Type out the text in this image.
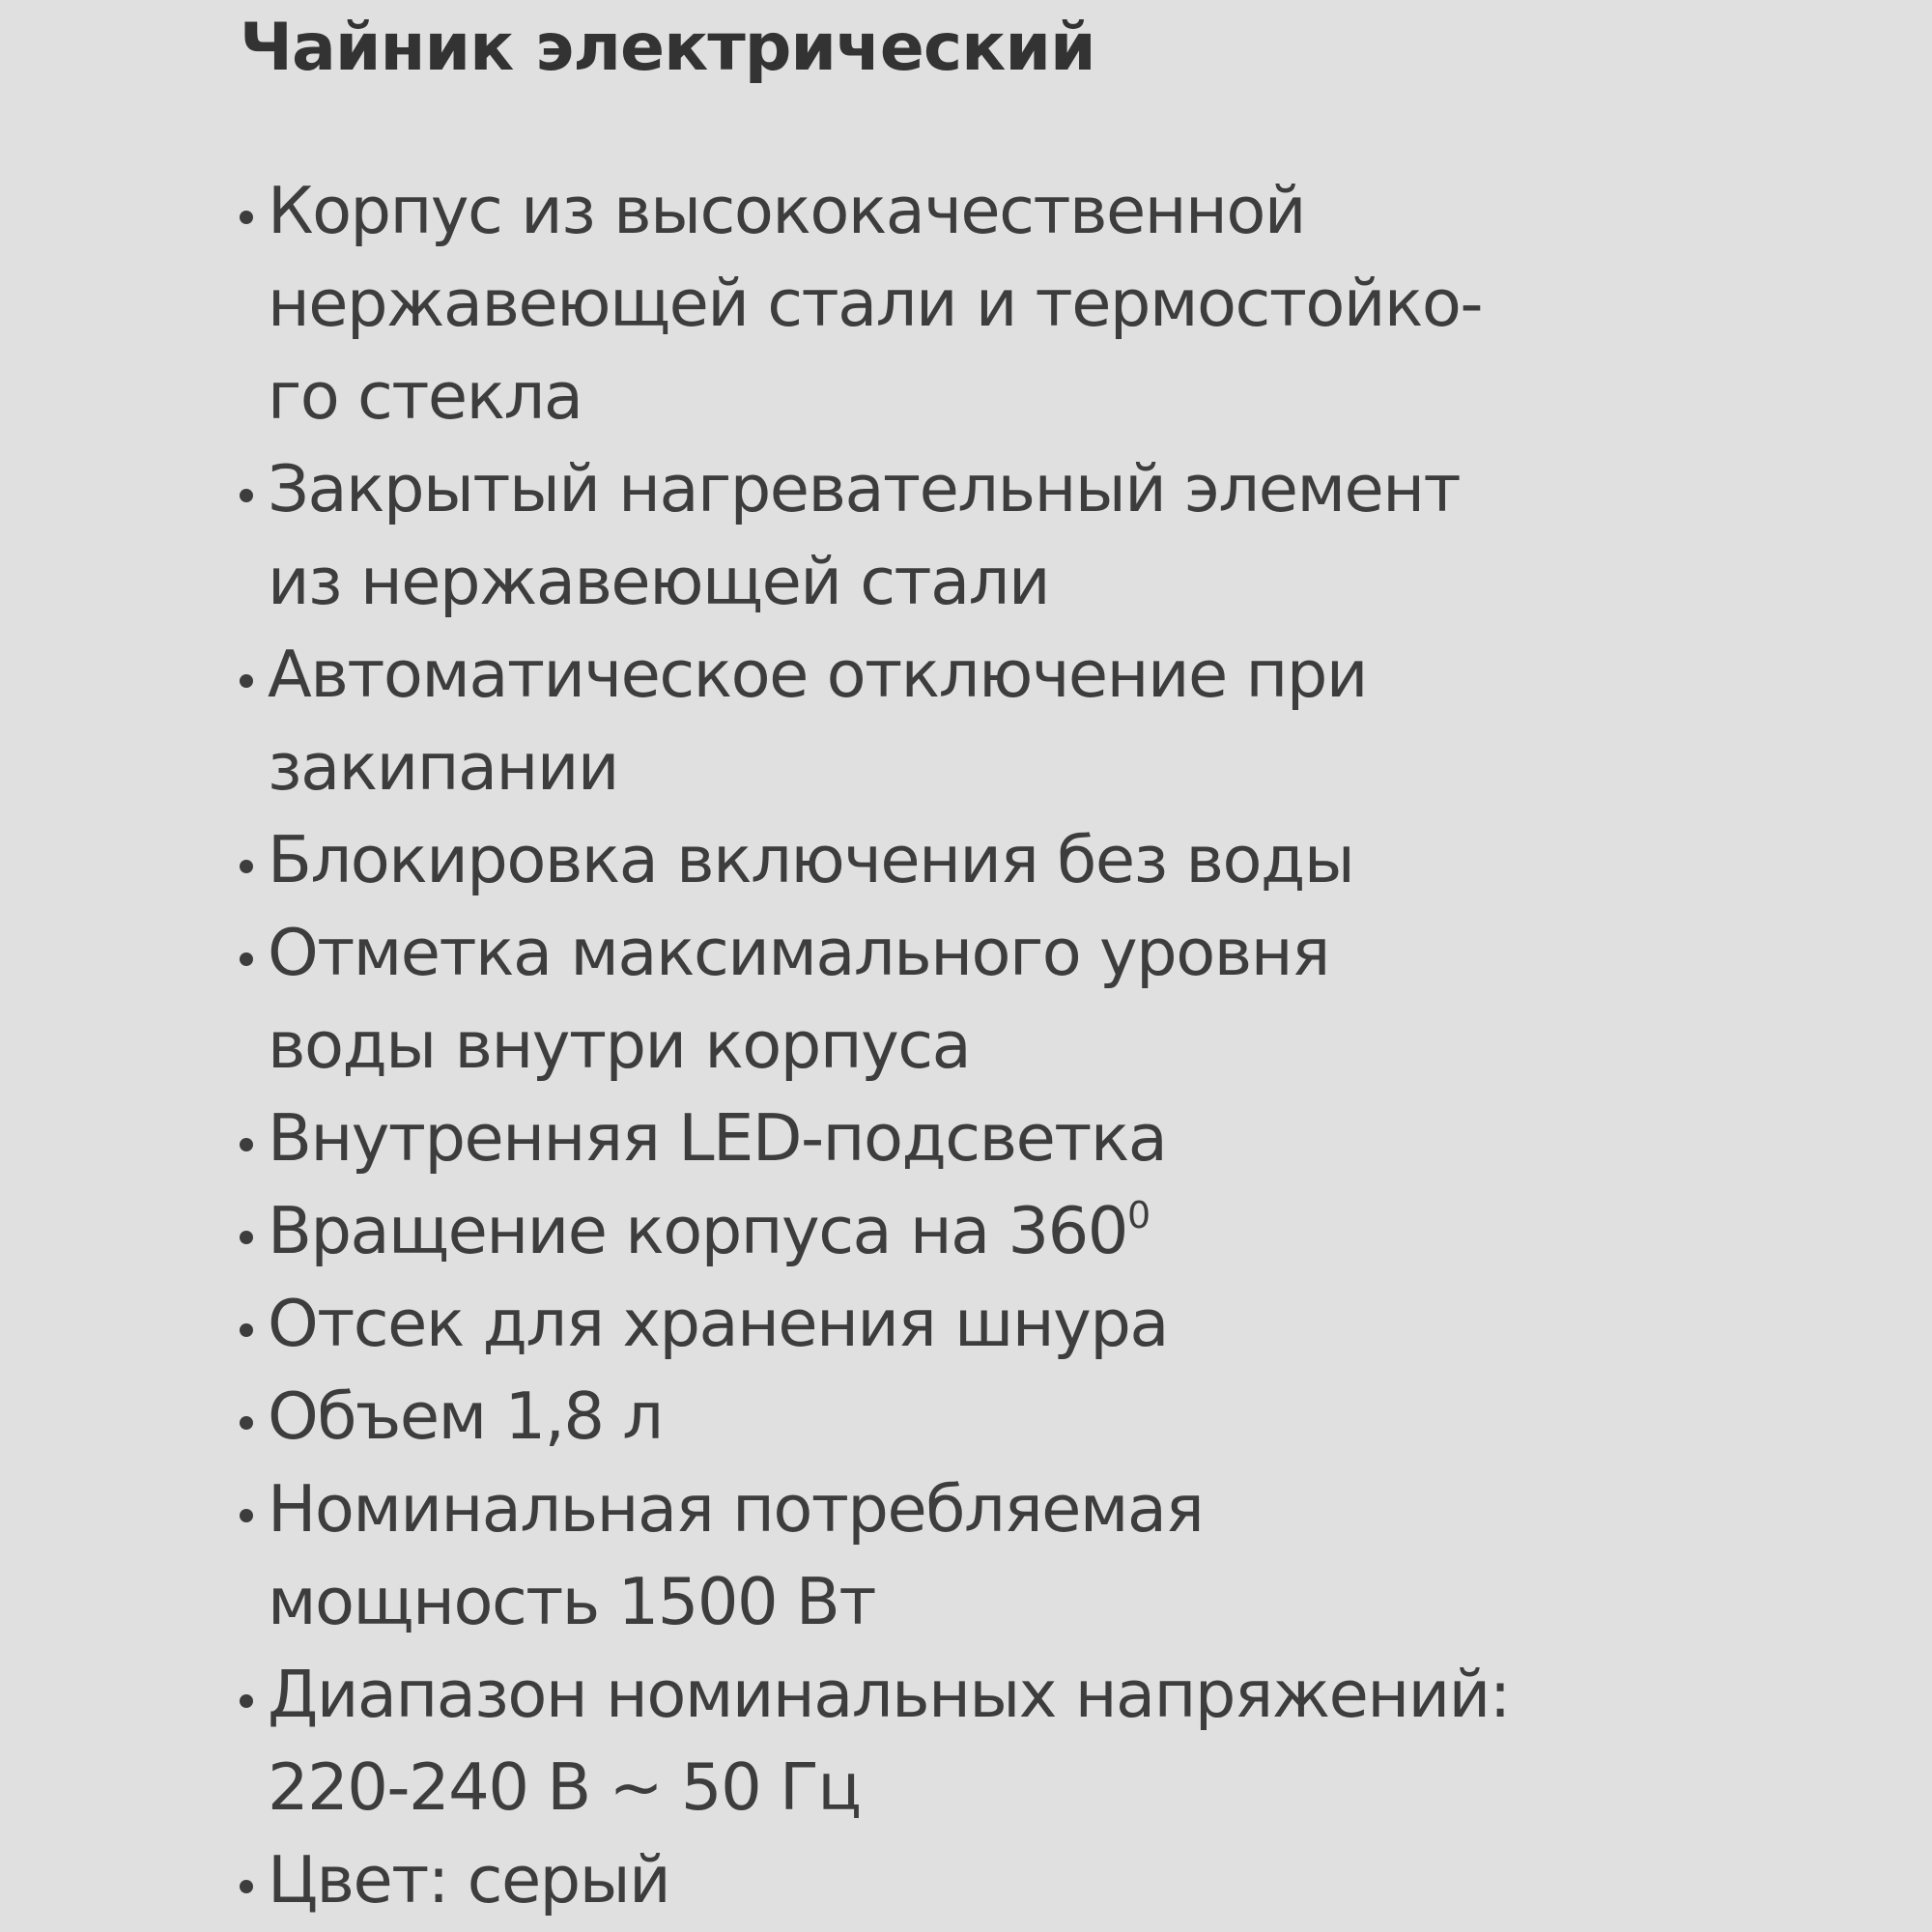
Чайник электрический
Корпус из высококачественной
нержавеющей стали и термостойко-
го стекла
Закрытый нагревательный элемент
из нержавеющей стали
Автоматическое отключение при
закипании
Блокировка включения без воды
Отметка максимального уровня
воды внутри корпуса
Внутренняя LED-подсветка
Вращение корпуса на $360^0$
Отсек для хранения шнура
Объем 1,8 л
Номинальная потребляемая
мощность 1500 Вт
Диапазон номинальных напряжений:
220-240 В ~ 50 Гц
Цвет: серый
